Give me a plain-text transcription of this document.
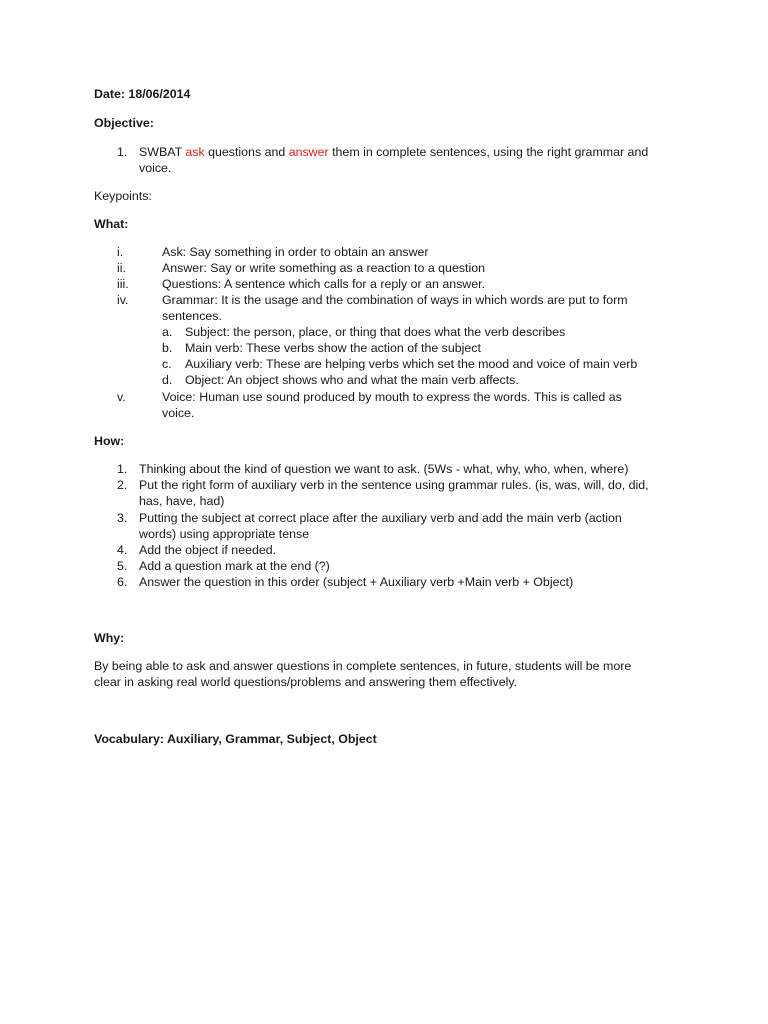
Date: 18/06/2014
Objective:
1. SWBAT ask questions and answer them in complete sentences, using the right grammar and
voice.
Keypoints:
What:
i.	Ask: Say something in order to obtain an answer
ii.	Answer: Say or write something as a reaction to a question
iii.	Questions: A sentence which calls for a reply or an answer.
iv.	Grammar: It is the usage and the combination of ways in which words are put to form
sentences.
a. Subject: the person, place, or thing that does what the verb describes
b. Main verb: These verbs show the action of the subject
c. Auxiliary verb: These are helping verbs which set the mood and voice of main verb
d. Object: An object shows who and what the main verb affects.
v.	Voice: Human use sound produced by mouth to express the words. This is called as
voice.
How:
1. Thinking about the kind of question we want to ask. (5Ws - what, why, who, when, where)
2. Put the right form of auxiliary verb in the sentence using grammar rules. (is, was, will, do, did,
has, have, had)
3. Putting the subject at correct place after the auxiliary verb and add the main verb (action
words) using appropriate tense
4. Add the object if needed.
5. Add a question mark at the end (?)
6. Answer the question in this order (subject + Auxiliary verb +Main verb + Object)
Why:
By being able to ask and answer questions in complete sentences, in future, students will be more
clear in asking real world questions/problems and answering them effectively.
Vocabulary: Auxiliary, Grammar, Subject, Object
